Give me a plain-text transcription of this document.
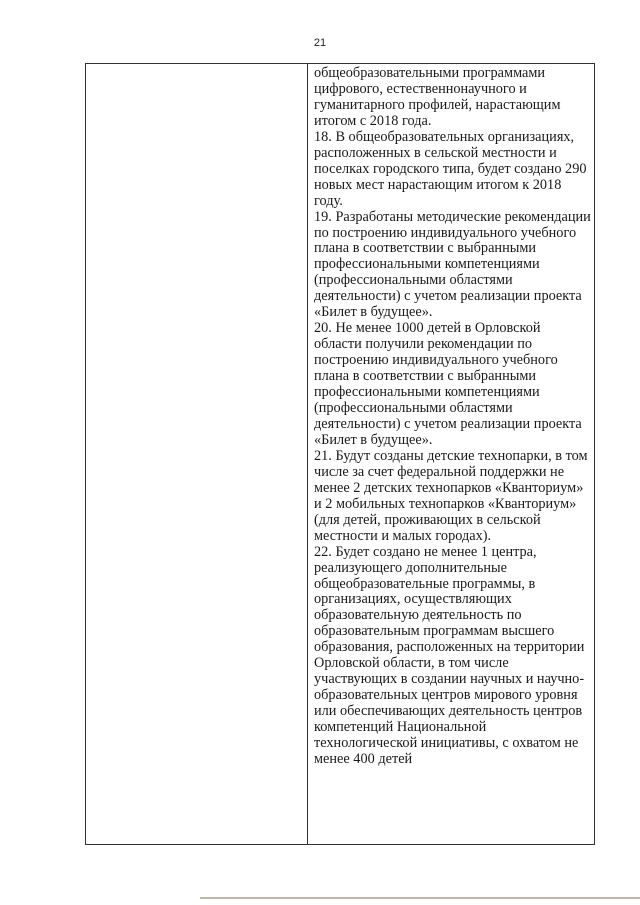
21

общеобразовательными программами цифрового, естественнонаучного и гуманитарного профилей, нарастающим итогом с 2018 года.

18. В общеобразовательных организациях, расположенных в сельской местности и поселках городского типа, будет создано 290 новых мест нарастающим итогом к 2018 году.

19. Разработаны методические рекомендации по построению индивидуального учебного плана в соответствии с выбранными профессиональными компетенциями (профессиональными областями деятельности) с учетом реализации проекта «Билет в будущее».

20. Не менее 1000 детей в Орловской области получили рекомендации по построению индивидуального учебного плана в соответствии с выбранными профессиональными компетенциями (профессиональными областями деятельности) с учетом реализации проекта «Билет в будущее».

21. Будут созданы детские технопарки, в том числе за счет федеральной поддержки не менее 2 детских технопарков «Кванториум» и 2 мобильных технопарков «Кванториум» (для детей, проживающих в сельской местности и малых городах).

22. Будет создано не менее 1 центра, реализующего дополнительные общеобразовательные программы, в организациях, осуществляющих образовательную деятельность по образовательным программам высшего образования, расположенных на территории Орловской области, в том числе участвующих в создании научных и научно-образовательных центров мирового уровня или обеспечивающих деятельность центров компетенций Национальной технологической инициативы, с охватом не менее 400 детей
